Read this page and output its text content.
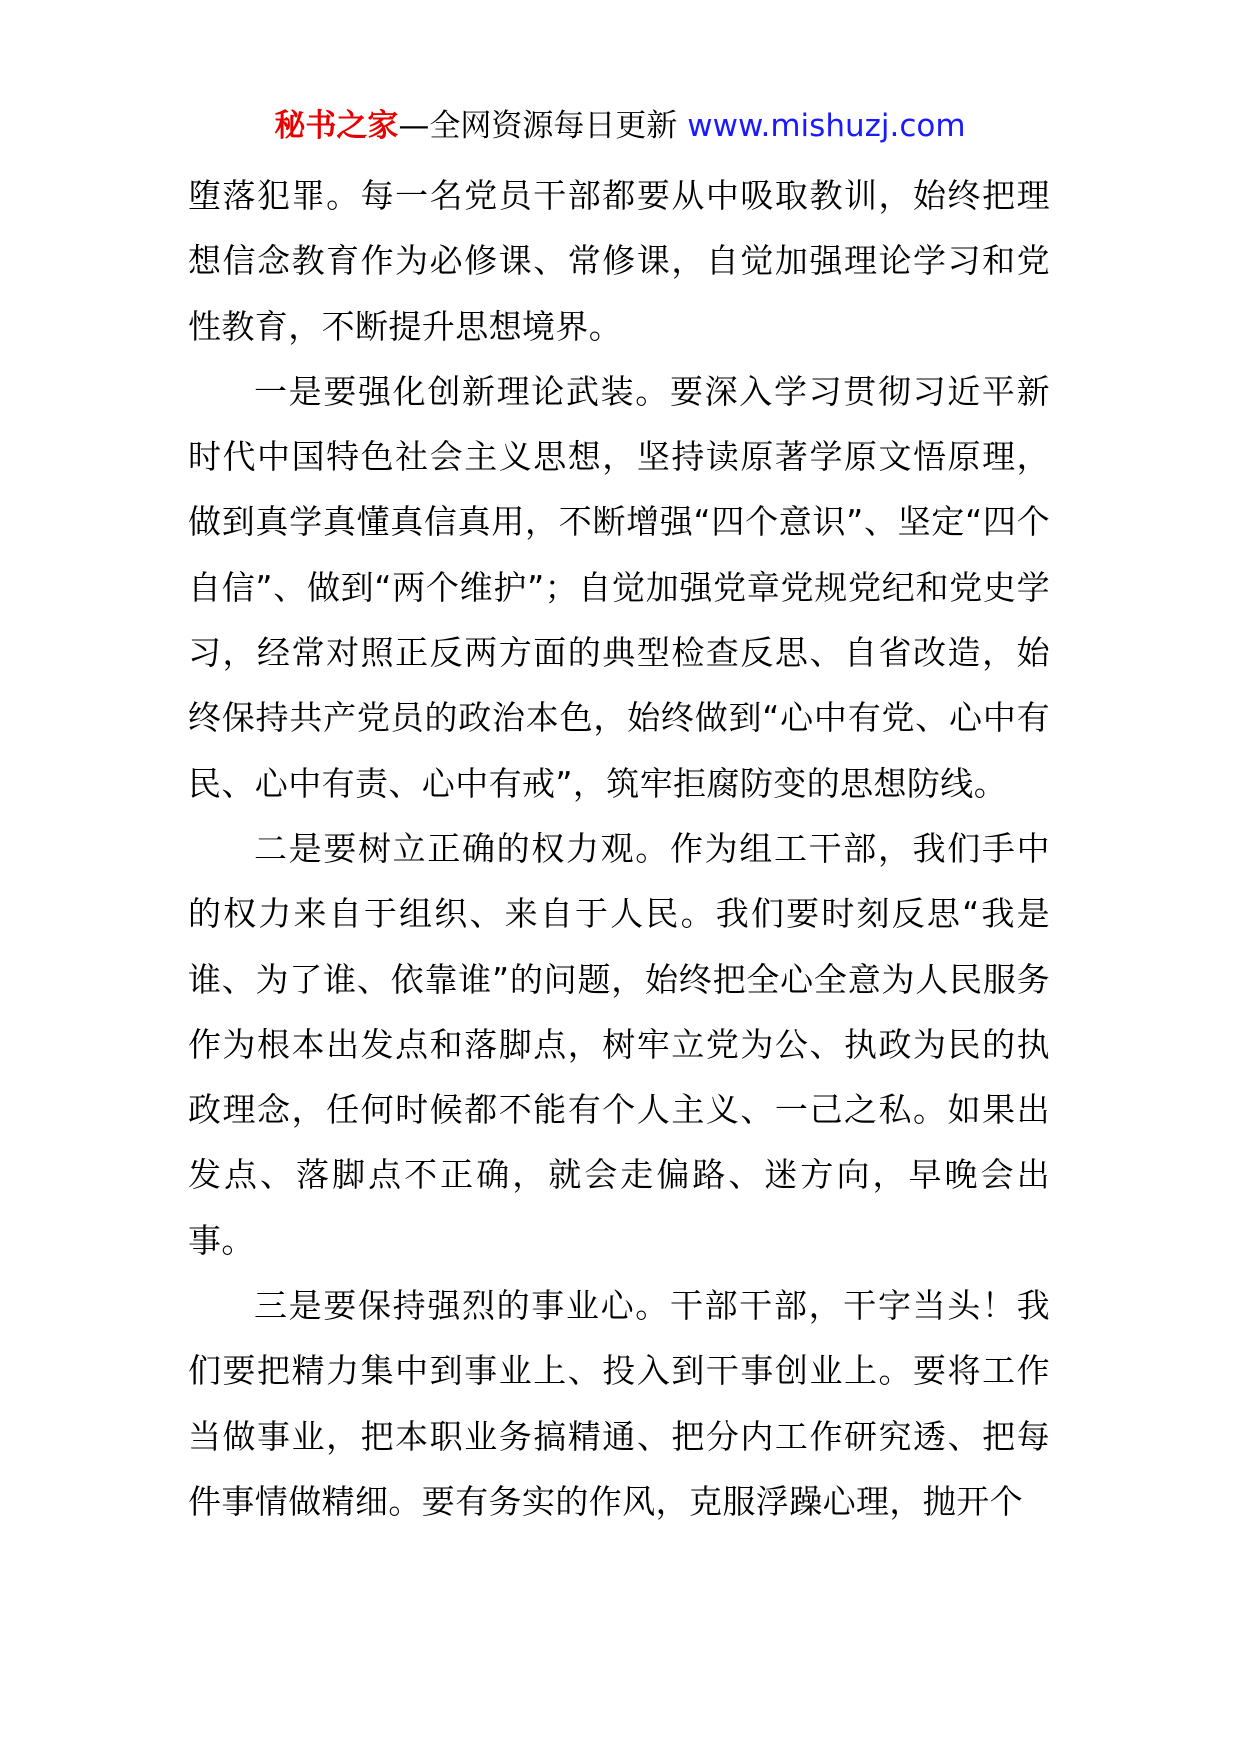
秘书之家—全网资源每日更新 www.mishuzj.com

堕落犯罪。每一名党员干部都要从中吸取教训，始终把理想信念教育作为必修课、常修课，自觉加强理论学习和党性教育，不断提升思想境界。

一是要强化创新理论武装。要深入学习贯彻习近平新时代中国特色社会主义思想，坚持读原著学原文悟原理，做到真学真懂真信真用，不断增强“四个意识”、坚定“四个自信”、做到“两个维护”；自觉加强党章党规党纪和党史学习，经常对照正反两方面的典型检查反思、自省改造，始终保持共产党员的政治本色，始终做到“心中有党、心中有民、心中有责、心中有戒”，筑牢拒腐防变的思想防线。

二是要树立正确的权力观。作为组工干部，我们手中的权力来自于组织、来自于人民。我们要时刻反思“我是谁、为了谁、依靠谁”的问题，始终把全心全意为人民服务作为根本出发点和落脚点，树牢立党为公、执政为民的执政理念，任何时候都不能有个人主义、一己之私。如果出发点、落脚点不正确，就会走偏路、迷方向，早晚会出事。

三是要保持强烈的事业心。干部干部，干字当头！我们要把精力集中到事业上、投入到干事创业上。要将工作当做事业，把本职业务搞精通、把分内工作研究透、把每件事情做精细。要有务实的作风，克服浮躁心理，抛开个
